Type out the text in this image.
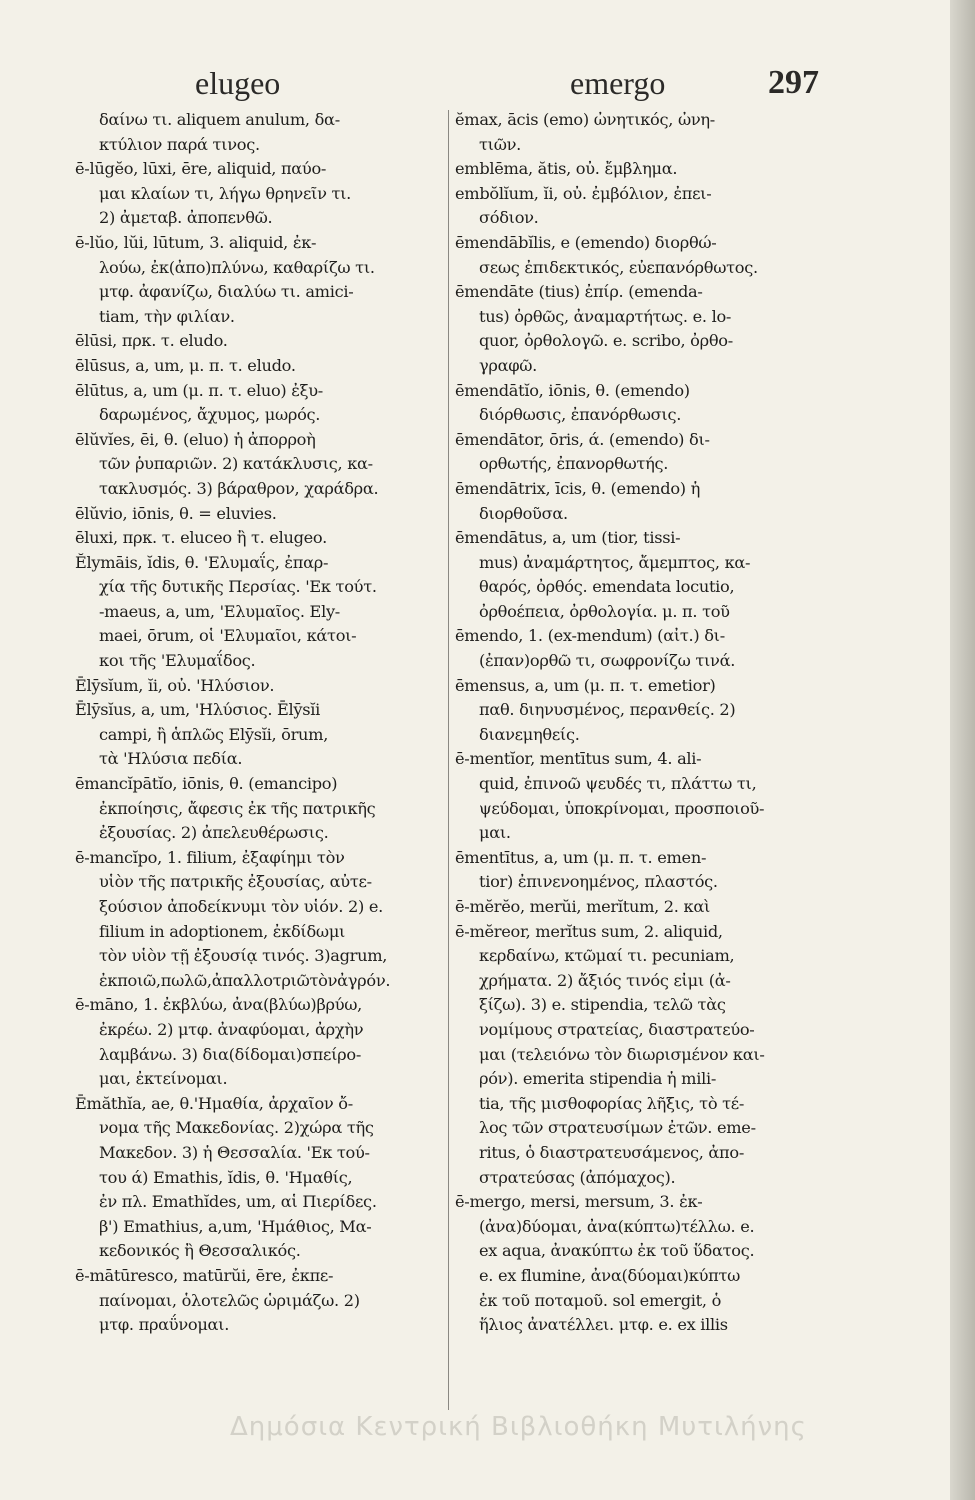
elugeo	emergo	297
δαίνω τι. aliquem anulum, δα-
κτύλιον παρά τινος.
ē-lūgĕo, lūxi, ēre, aliquid, παύο-
μαι κλαίων τι, λήγω θρηνεῖν τι.
2) ἀμεταβ. ἀποπενθῶ.
ē-lŭo, lŭi, lūtum, 3. aliquid, ἐκ-
λούω, ἐκ(ἀπο)πλύνω, καθαρίζω τι.
μτφ. ἀφανίζω, διαλύω τι. amici-
tiam, τὴν φιλίαν.
ēlūsi, πρκ. τ. eludo.
ēlūsus, a, um, μ. π. τ. eludo.
ēlūtus, a, um (μ. π. τ. eluo) ἐξυ-
δαρωμένος, ἄχυμος, μωρός.
ēlŭvĭes, ēi, θ. (eluo) ἡ ἀπορροὴ
τῶν ῥυπαριῶν. 2) κατάκλυσις, κα-
τακλυσμός. 3) βάραθρον, χαράδρα.
ēlŭvio, iōnis, θ. = eluvies.
ēluxi, πρκ. τ. eluceo ἢ τ. elugeo.
Ĕlymāis, ĭdis, θ. 'Ελυμαΐς, ἐπαρ-
χία τῆς δυτικῆς Περσίας. 'Εκ τούτ.
-maeus, a, um, 'Ελυμαῖος. Ely-
maei, ōrum, οἱ 'Ελυμαῖοι, κάτοι-
κοι τῆς 'Ελυμαΐδος.
Ēlȳsĭum, ĭi, οὐ. 'Ηλύσιον.
Ēlȳsĭus, a, um, 'Ηλύσιος. Ēlȳsĭi
campi, ἢ ἁπλῶς Elȳsĭi, ōrum,
τὰ 'Ηλύσια πεδία.
ēmancĭpātĭo, iōnis, θ. (emancipo)
ἐκποίησις, ἄφεσις ἐκ τῆς πατρικῆς
ἐξουσίας. 2) ἀπελευθέρωσις.
ē-mancĭpo, 1. filium, ἐξαφίημι τὸν
υἱὸν τῆς πατρικῆς ἐξουσίας, αὐτε-
ξούσιον ἀποδείκνυμι τὸν υἱόν. 2) e.
filium in adoptionem, ἐκδίδωμι
τὸν υἱὸν τῇ ἐξουσίᾳ τινός. 3)agrum,
ἐκποιῶ,πωλῶ,ἀπαλλοτριῶτὸνἀγρόν.
ē-māno, 1. ἐκβλύω, ἀνα(βλύω)βρύω,
ἐκρέω. 2) μτφ. ἀναφύομαι, ἀρχὴν
λαμβάνω. 3) δια(δίδομαι)σπείρο-
μαι, ἐκτείνομαι.
Ēmăthĭa, ae, θ.'Ημαθία, ἀρχαῖον ὄ-
νομα τῆς Μακεδονίας. 2)χώρα τῆς
Μακεδον. 3) ἡ Θεσσαλία. 'Εκ τού-
του ά) Emathis, ĭdis, θ. 'Ημαθίς,
ἐν πλ. Emathĭdes, um, αἱ Πιερίδες.
β') Emathius, a,um, 'Ημάθιος, Μα-
κεδονικός ἢ Θεσσαλικός.
ē-mātūresco, matūrŭi, ēre, ἐκπε-
παίνομαι, ὁλοτελῶς ὡριμάζω. 2)
μτφ. πραΰνομαι.
ĕmax, ācis (emo) ὠνητικός, ὠνη-
τιῶν.
emblēma, ătis, οὐ. ἔμβλημα.
embŏlĭum, ĭi, οὐ. ἐμβόλιον, ἐπει-
σόδιον.
ēmendābĭlis, e (emendo) διορθώ-
σεως ἐπιδεκτικός, εὐεπανόρθωτος.
ēmendāte (tius) ἐπίρ. (emenda-
tus) ὀρθῶς, ἀναμαρτήτως. e. lo-
quor, ὀρθολογῶ. e. scribo, ὀρθο-
γραφῶ.
ēmendātĭo, iōnis, θ. (emendo)
διόρθωσις, ἐπανόρθωσις.
ēmendātor, ōris, ά. (emendo) δι-
ορθωτής, ἐπανορθωτής.
ēmendātrix, īcis, θ. (emendo) ἡ
διορθοῦσα.
ēmendātus, a, um (tior, tissi-
mus) ἀναμάρτητος, ἄμεμπτος, κα-
θαρός, ὀρθός. emendata locutio,
ὀρθοέπεια, ὀρθολογία. μ. π. τοῦ
ēmendo, 1. (ex-mendum) (αἰτ.) δι-
(ἐπαν)ορθῶ τι, σωφρονίζω τινά.
ēmensus, a, um (μ. π. τ. emetior)
παθ. διηνυσμένος, περανθείς. 2)
διανεμηθείς.
ē-mentĭor, mentītus sum, 4. ali-
quid, ἐπινοῶ ψευδές τι, πλάττω τι,
ψεύδομαι, ὑποκρίνομαι, προσποιοῦ-
μαι.
ēmentītus, a, um (μ. π. τ. emen-
tior) ἐπινενοημένος, πλαστός.
ē-mĕrĕo, merŭi, merĭtum, 2. καὶ
ē-mĕreor, merĭtus sum, 2. aliquid,
κερδαίνω, κτῶμαί τι. pecuniam,
χρήματα. 2) ἄξιός τινός εἰμι (ἀ-
ξίζω). 3) e. stipendia, τελῶ τὰς
νομίμους στρατείας, διαστρατεύο-
μαι (τελειόνω τὸν διωρισμένον και-
ρόν). emerita stipendia ἡ mili-
tia, τῆς μισθοφορίας λῆξις, τὸ τέ-
λος τῶν στρατευσίμων ἐτῶν. eme-
ritus, ὁ διαστρατευσάμενος, ἀπο-
στρατεύσας (ἀπόμαχος).
ē-mergo, mersi, mersum, 3. ἐκ-
(ἀνα)δύομαι, ἀνα(κύπτω)τέλλω. e.
ex aqua, ἀνακύπτω ἐκ τοῦ ὕδατος.
e. ex flumine, ἀνα(δύομαι)κύπτω
ἐκ τοῦ ποταμοῦ. sol emergit, ὁ
ἥλιος ἀνατέλλει. μτφ. e. ex illis
Δημόσια Κεντρική Βιβλιοθήκη Μυτιλήνης
